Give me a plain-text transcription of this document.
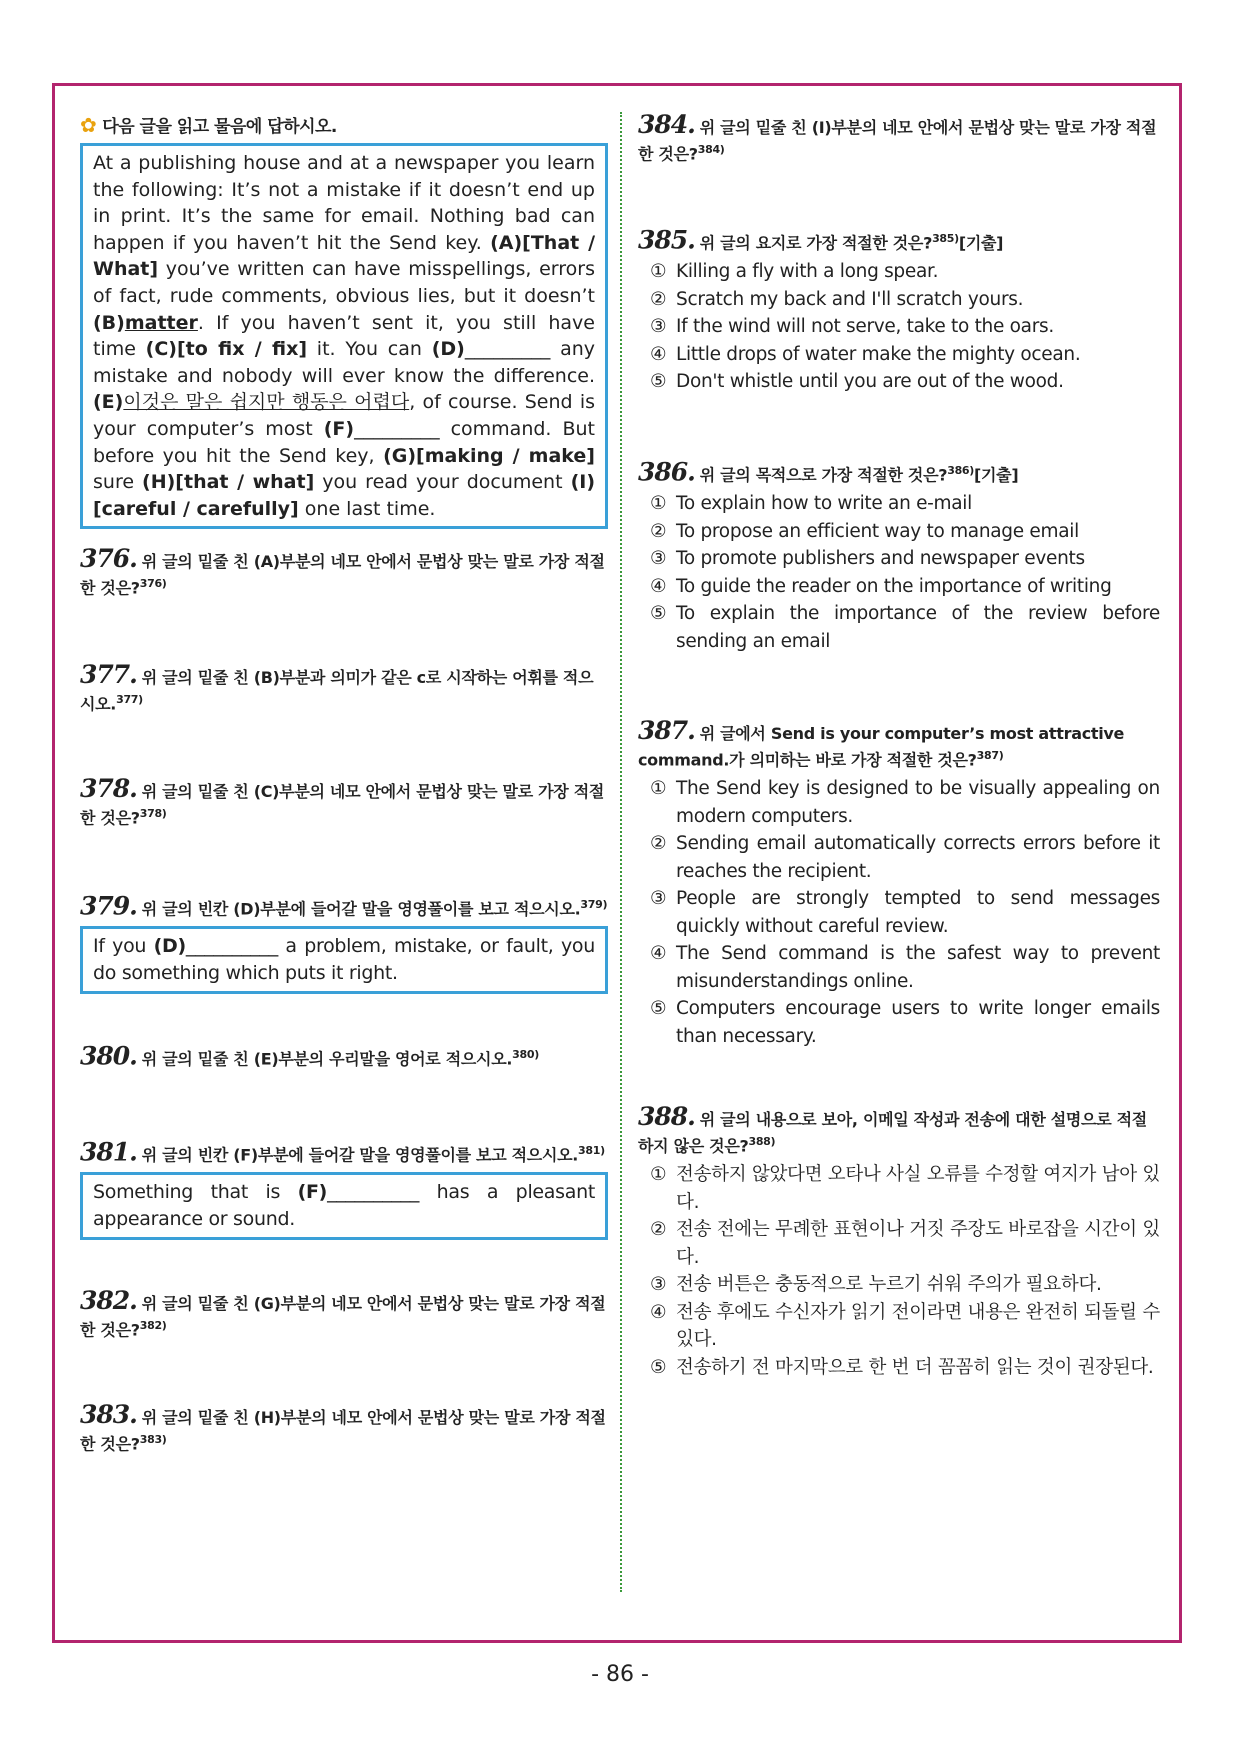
✿ 다음 글을 읽고 물음에 답하시오.
At a publishing house and at a newspaper you learn the following: It’s not a mistake if it doesn’t end up in print. It’s the same for email. Nothing bad can happen if you haven’t hit the Send key. (A)[That / What] you’ve written can have misspellings, errors of fact, rude comments, obvious lies, but it doesn’t (B)matter. If you haven’t sent it, you still have time (C)[to fix / fix] it. You can (D)_________ any mistake and nobody will ever know the difference. (E)이것은 말은 쉽지만 행동은 어렵다, of course. Send is your computer’s most (F)_________ command. But before you hit the Send key, (G)[making / make] sure (H)[that / what] you read your document (I)[careful / carefully] one last time.
376. 위 글의 밑줄 친 (A)부분의 네모 안에서 문법상 맞는 말로 가장 적절한 것은?$^{376)}$
377. 위 글의 밑줄 친 (B)부분과 의미가 같은 c로 시작하는 어휘를 적으시오.$^{377)}$
378. 위 글의 밑줄 친 (C)부분의 네모 안에서 문법상 맞는 말로 가장 적절한 것은?$^{378)}$
379. 위 글의 빈칸 (D)부분에 들어갈 말을 영영풀이를 보고 적으시오.$^{379)}$
If you (D)__________ a problem, mistake, or fault, you do something which puts it right.
380. 위 글의 밑줄 친 (E)부분의 우리말을 영어로 적으시오.$^{380)}$
381. 위 글의 빈칸 (F)부분에 들어갈 말을 영영풀이를 보고 적으시오.$^{381)}$
Something that is (F)__________ has a pleasant appearance or sound.
382. 위 글의 밑줄 친 (G)부분의 네모 안에서 문법상 맞는 말로 가장 적절한 것은?$^{382)}$
383. 위 글의 밑줄 친 (H)부분의 네모 안에서 문법상 맞는 말로 가장 적절한 것은?$^{383)}$
384. 위 글의 밑줄 친 (I)부분의 네모 안에서 문법상 맞는 말로 가장 적절한 것은?$^{384)}$
385. 위 글의 요지로 가장 적절한 것은?$^{385)}$[기출]
① Killing a fly with a long spear.
② Scratch my back and I'll scratch yours.
③ If the wind will not serve, take to the oars.
④ Little drops of water make the mighty ocean.
⑤ Don't whistle until you are out of the wood.
386. 위 글의 목적으로 가장 적절한 것은?$^{386)}$[기출]
① To explain how to write an e-mail
② To propose an efficient way to manage email
③ To promote publishers and newspaper events
④ To guide the reader on the importance of writing
⑤ To explain the importance of the review before sending an email
387. 위 글에서 Send is your computer’s most attractive command.가 의미하는 바로 가장 적절한 것은?$^{387)}$
① The Send key is designed to be visually appealing on modern computers.
② Sending email automatically corrects errors before it reaches the recipient.
③ People are strongly tempted to send messages quickly without careful review.
④ The Send command is the safest way to prevent misunderstandings online.
⑤ Computers encourage users to write longer emails than necessary.
388. 위 글의 내용으로 보아, 이메일 작성과 전송에 대한 설명으로 적절하지 않은 것은?$^{388)}$
① 전송하지 않았다면 오타나 사실 오류를 수정할 여지가 남아 있다.
② 전송 전에는 무례한 표현이나 거짓 주장도 바로잡을 시간이 있다.
③ 전송 버튼은 충동적으로 누르기 쉬워 주의가 필요하다.
④ 전송 후에도 수신자가 읽기 전이라면 내용은 완전히 되돌릴 수 있다.
⑤ 전송하기 전 마지막으로 한 번 더 꼼꼼히 읽는 것이 권장된다.
- 86 -
